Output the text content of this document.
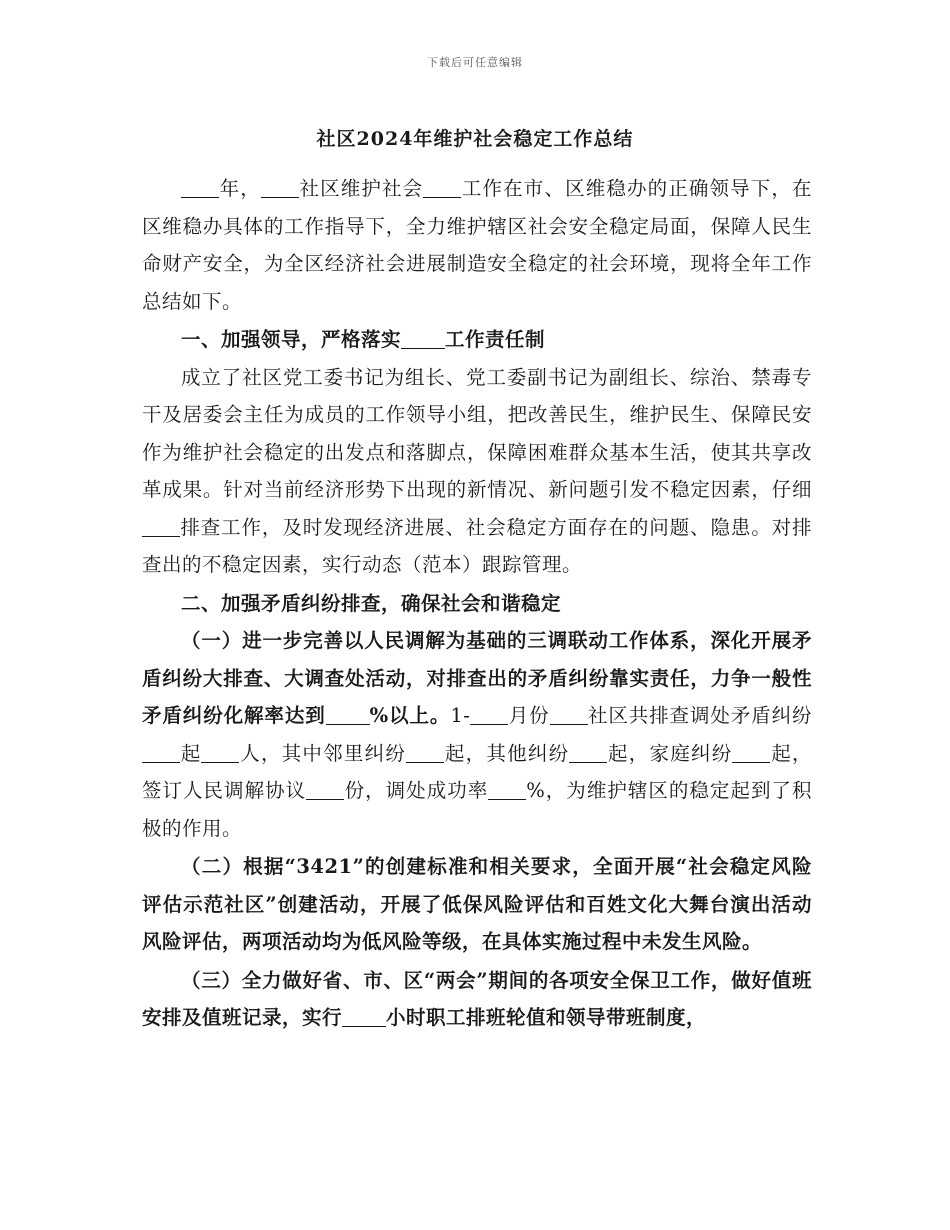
下载后可任意编辑
社区2024年维护社会稳定工作总结

年， 社区维护社会 工作在市、区维稳办的正确领导下，在区维稳办具体的工作指导下，全力维护辖区社会安全稳定局面，保障人民生命财产安全，为全区经济社会进展制造安全稳定的社会环境，现将全年工作总结如下。

一、加强领导，严格落实 工作责任制

成立了社区党工委书记为组长、党工委副书记为副组长、综治、禁毒专干及居委会主任为成员的工作领导小组，把改善民生，维护民生、保障民安作为维护社会稳定的出发点和落脚点，保障困难群众基本生活，使其共享改革成果。针对当前经济形势下出现的新情况、新问题引发不稳定因素，仔细排查工作，及时发现经济进展、社会稳定方面存在的问题、隐患。对排查出的不稳定因素，实行动态（范本）跟踪管理。

二、加强矛盾纠纷排查，确保社会和谐稳定

（一）进一步完善以人民调解为基础的三调联动工作体系，深化开展矛盾纠纷大排查、大调查处活动，对排查出的矛盾纠纷靠实责任，力争一般性矛盾纠纷化解率达到 %以上。1- 月份 社区共排查调处矛盾纠纷起 人，其中邻里纠纷 起，其他纠纷 起，家庭纠纷 起，签订人民调解协议 份，调处成功率 %，为维护辖区的稳定起到了积极的作用。

（二）根据“3421”的创建标准和相关要求，全面开展“社会稳定风险评估示范社区”创建活动，开展了低保风险评估和百姓文化大舞台演出活动风险评估，两项活动均为低风险等级，在具体实施过程中未发生风险。

（三）全力做好省、市、区“两会”期间的各项安全保卫工作，做好值班安排及值班记录，实行 小时职工排班轮值和领导带班制度，
